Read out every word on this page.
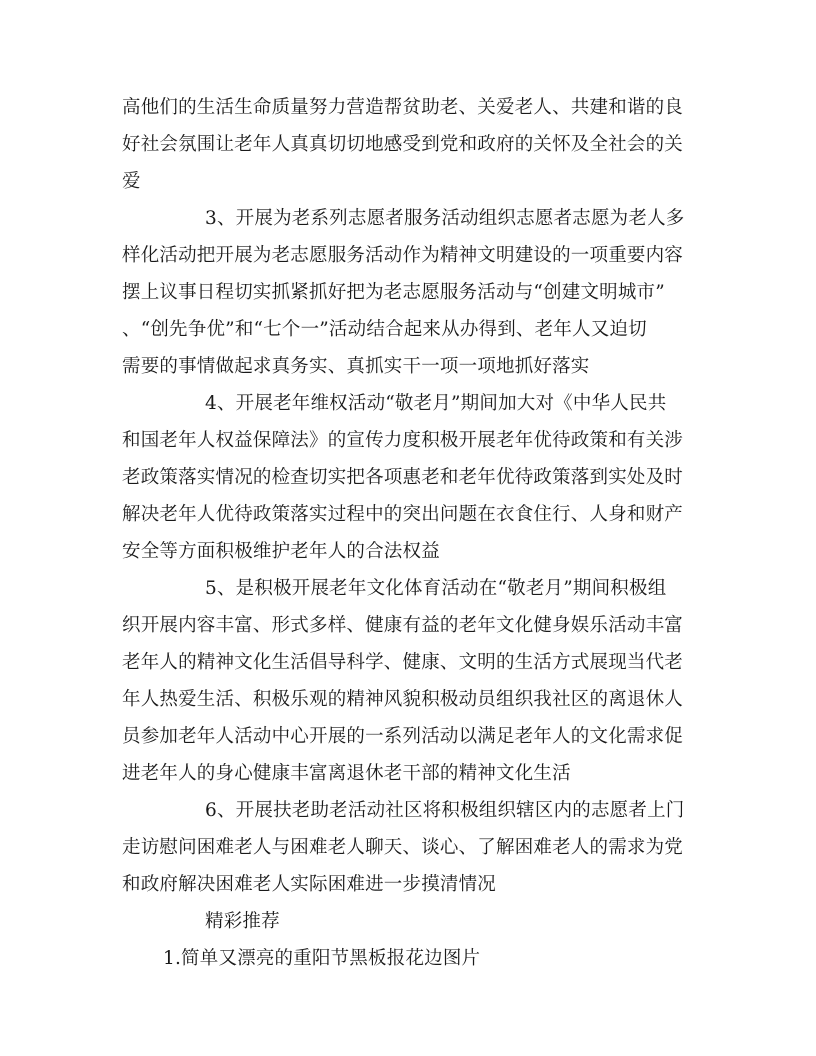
高他们的生活生命质量努力营造帮贫助老、关爱老人、共建和谐的良
好社会氛围让老年人真真切切地感受到党和政府的关怀及全社会的关
爱
3、开展为老系列志愿者服务活动组织志愿者志愿为老人多
样化活动把开展为老志愿服务活动作为精神文明建设的一项重要内容
摆上议事日程切实抓紧抓好把为老志愿服务活动与“创建文明城市”
、“创先争优”和“七个一”活动结合起来从办得到、老年人又迫切
需要的事情做起求真务实、真抓实干一项一项地抓好落实
4、开展老年维权活动“敬老月”期间加大对《中华人民共
和国老年人权益保障法》的宣传力度积极开展老年优待政策和有关涉
老政策落实情况的检查切实把各项惠老和老年优待政策落到实处及时
解决老年人优待政策落实过程中的突出问题在衣食住行、人身和财产
安全等方面积极维护老年人的合法权益
5、是积极开展老年文化体育活动在“敬老月”期间积极组
织开展内容丰富、形式多样、健康有益的老年文化健身娱乐活动丰富
老年人的精神文化生活倡导科学、健康、文明的生活方式展现当代老
年人热爱生活、积极乐观的精神风貌积极动员组织我社区的离退休人
员参加老年人活动中心开展的一系列活动以满足老年人的文化需求促
进老年人的身心健康丰富离退休老干部的精神文化生活
6、开展扶老助老活动社区将积极组织辖区内的志愿者上门
走访慰问困难老人与困难老人聊天、谈心、了解困难老人的需求为党
和政府解决困难老人实际困难进一步摸清情况
精彩推荐
1.简单又漂亮的重阳节黑板报花边图片
